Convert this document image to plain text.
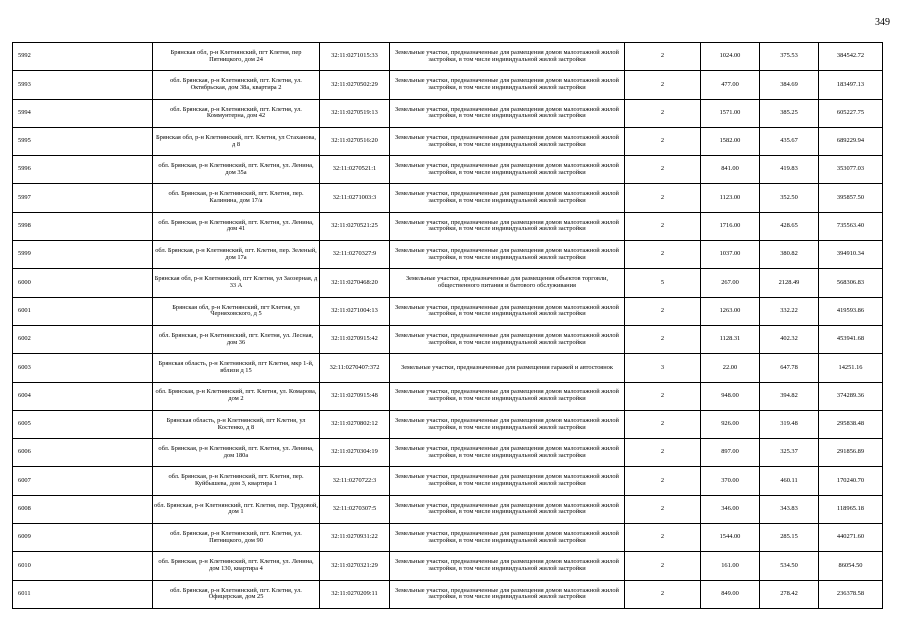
349
5992	Брянская обл, р-н Клетнянский, пгт Клетня, пер Пятницкого, дом 24	32:11:0271015:33	Земельные участки, предназначенные для размещения домов малоэтажной жилой застройки, в том числе индивидуальной жилой застройки	2	1024.00	375.53	384542.72
5993	обл. Брянская, р-н Клетнянский, пгт. Клетня, ул. Октябрьская, дом 38а, квартира 2	32:11:0270502:29	Земельные участки, предназначенные для размещения домов малоэтажной жилой застройки, в том числе индивидуальной жилой застройки	2	477.00	384.69	183497.13
5994	обл. Брянская, р-н Клетнянский, пгт. Клетня, ул. Коммунтерна, дом 42	32:11:0270519:13	Земельные участки, предназначенные для размещения домов малоэтажной жилой застройки, в том числе индивидуальной жилой застройки	2	1571.00	385.25	605227.75
5995	Брянская обл, р-н Клетнянский, пгт. Клетня, ул Стаханова, д 8	32:11:0270516:20	Земельные участки, предназначенные для размещения домов малоэтажной жилой застройки, в том числе индивидуальной жилой застройки	2	1582.00	435.67	689229.94
5996	обл. Брянская, р-н Клетнянский, пгт. Клетня, ул. Ленина, дом 35а	32:11:0270521:1	Земельные участки, предназначенные для размещения домов малоэтажной жилой застройки, в том числе индивидуальной жилой застройки	2	841.00	419.83	353077.03
5997	обл. Брянская, р-н Клетнянский, пгт. Клетня, пер. Калинина, дом 17/а	32:11:0271003:3	Земельные участки, предназначенные для размещения домов малоэтажной жилой застройки, в том числе индивидуальной жилой застройки	2	1123.00	352.50	395857.50
5998	обл. Брянская, р-н Клетнянский, пгт. Клетня, ул. Ленина, дом 41	32:11:0270521:25	Земельные участки, предназначенные для размещения домов малоэтажной жилой застройки, в том числе индивидуальной жилой застройки	2	1716.00	428.65	735563.40
5999	обл. Брянская, р-н Клетнянский, пгт. Клетня, пер. Зеленый, дом 17а	32:11:0270327:9	Земельные участки, предназначенные для размещения домов малоэтажной жилой застройки, в том числе индивидуальной жилой застройки	2	1037.00	380.82	394910.34
6000	Брянская обл, р-н Клетнянский, пгт Клетня, ул Заозерная, д 33 А	32:11:0270468:20	Земельные участки, предназначенные для размещения объектов торговли, общественного питания и бытового обслуживания	5	267.00	2128.49	568306.83
6001	Брянская обл, р-н Клетнянский, пгт Клетня, ул Черняховского, д 5	32:11:0271004:13	Земельные участки, предназначенные для размещения домов малоэтажной жилой застройки, в том числе индивидуальной жилой застройки	2	1263.00	332.22	419593.86
6002	обл. Брянская, р-н Клетнянский, пгт. Клетня, ул. Лесная, дом 36	32:11:0270915:42	Земельные участки, предназначенные для размещения домов малоэтажной жилой застройки, в том числе индивидуальной жилой застройки	2	1128.31	402.32	453941.68
6003	Брянская область, р-н Клетнянский, пгт Клетня, мкр 1-й, вблизи д 15	32:11:0270407:372	Земельные участки, предназначенные для размещения гаражей и автостоянок	3	22.00	647.78	14251.16
6004	обл. Брянская, р-н Клетнянский, пгт. Клетня, ул. Комарова, дом 2	32:11:0270915:48	Земельные участки, предназначенные для размещения домов малоэтажной жилой застройки, в том числе индивидуальной жилой застройки	2	948.00	394.82	374289.36
6005	Брянская область, р-н Клетнянский, пгт Клетня, ул Костенко, д 8	32:11:0270802:12	Земельные участки, предназначенные для размещения домов малоэтажной жилой застройки, в том числе индивидуальной жилой застройки	2	926.00	319.48	295838.48
6006	обл. Брянская, р-н Клетнянский, пгт. Клетня, ул. Ленина, дом 180а	32:11:0270304:19	Земельные участки, предназначенные для размещения домов малоэтажной жилой застройки, в том числе индивидуальной жилой застройки	2	897.00	325.37	291856.89
6007	обл. Брянская, р-н Клетнянский, пгт. Клетня, пер. Куйбышева, дом 3, квартира 1	32:11:0270722:3	Земельные участки, предназначенные для размещения домов малоэтажной жилой застройки, в том числе индивидуальной жилой застройки	2	370.00	460.11	170240.70
6008	обл. Брянская, р-н Клетнянский, пгт. Клетня, пер. Трудовой, дом 1	32:11:0270307:5	Земельные участки, предназначенные для размещения домов малоэтажной жилой застройки, в том числе индивидуальной жилой застройки	2	346.00	343.83	118965.18
6009	обл. Брянская, р-н Клетнянский, пгт. Клетня, ул. Пятницкого, дом 90	32:11:0270931:22	Земельные участки, предназначенные для размещения домов малоэтажной жилой застройки, в том числе индивидуальной жилой застройки	2	1544.00	285.15	440271.60
6010	обл. Брянская, р-н Клетнянский, пгт. Клетня, ул. Ленина, дом 130, квартира 4	32:11:0270321:29	Земельные участки, предназначенные для размещения домов малоэтажной жилой застройки, в том числе индивидуальной жилой застройки	2	161.00	534.50	86054.50
6011	обл. Брянская, р-н Клетнянский, пгт. Клетня, ул. Офицерская, дом 25	32:11:0270209:11	Земельные участки, предназначенные для размещения домов малоэтажной жилой застройки, в том числе индивидуальной жилой застройки	2	849.00	278.42	236378.58
